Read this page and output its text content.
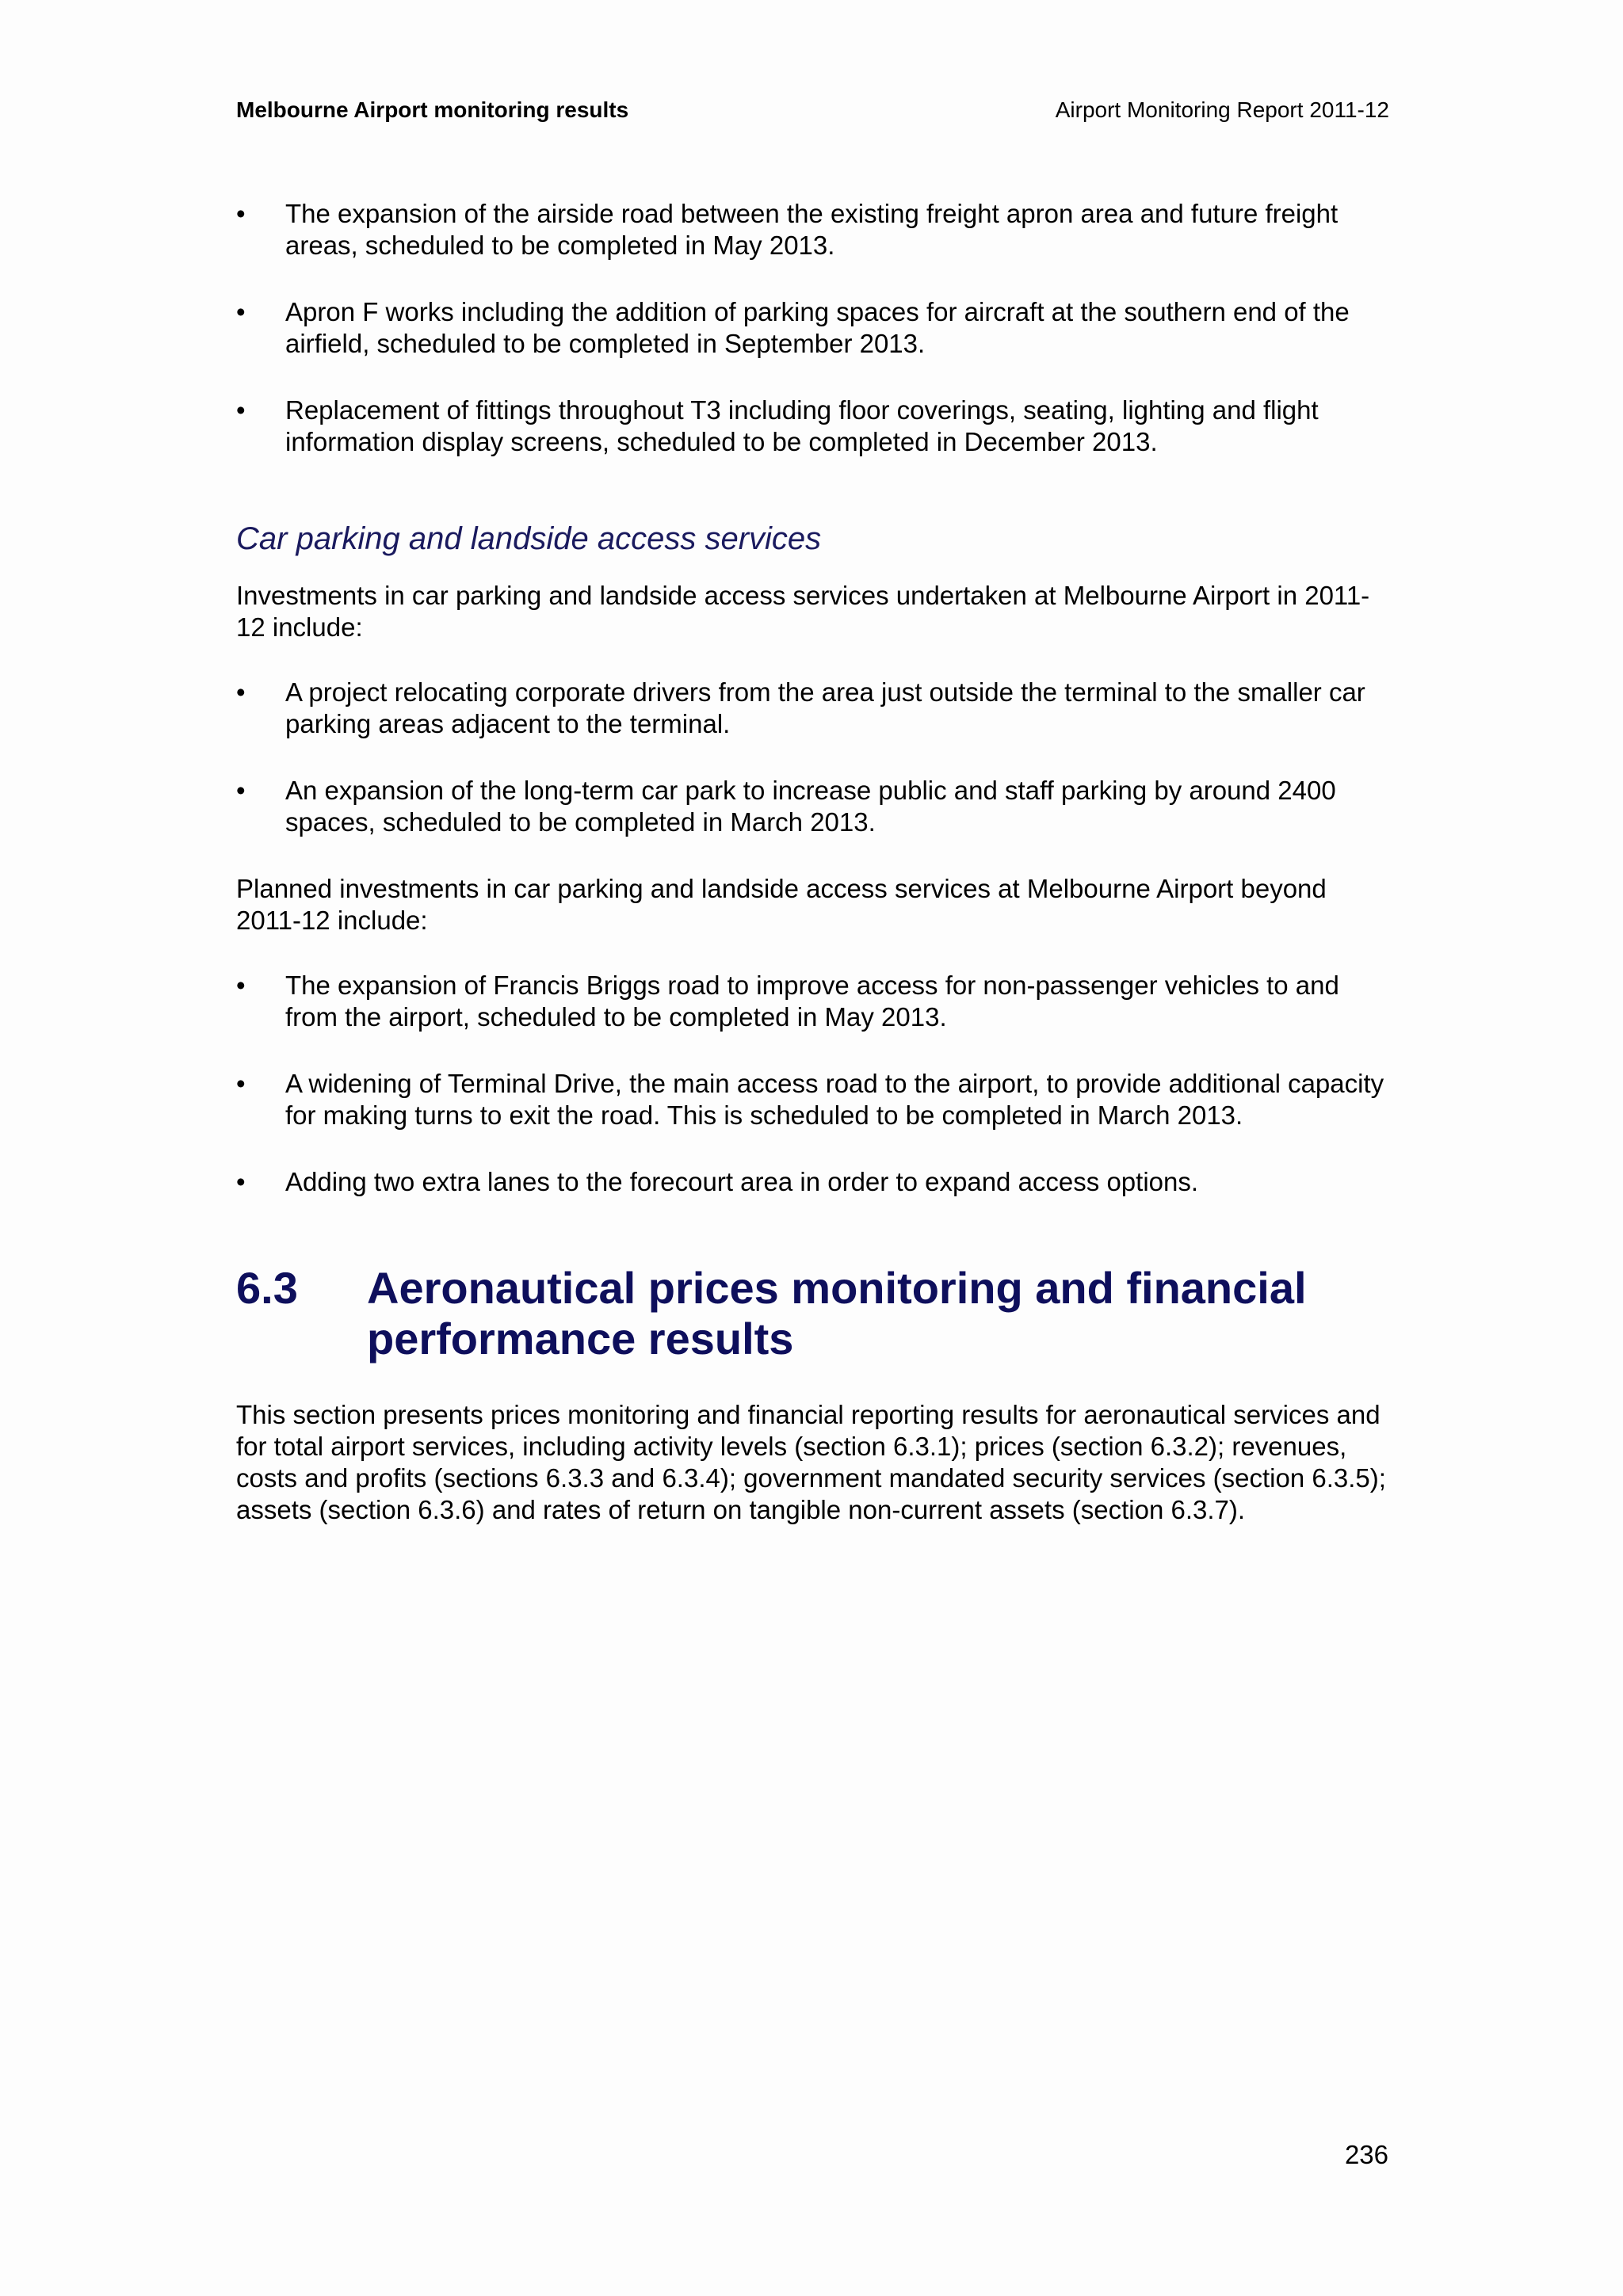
Melbourne Airport monitoring results	Airport Monitoring Report 2011-12
•	The expansion of the airside road between the existing freight apron area and future freight areas, scheduled to be completed in May 2013.
•	Apron F works including the addition of parking spaces for aircraft at the southern end of the airfield, scheduled to be completed in September 2013.
•	Replacement of fittings throughout T3 including floor coverings, seating, lighting and flight information display screens, scheduled to be completed in December 2013.
Car parking and landside access services

Investments in car parking and landside access services undertaken at Melbourne Airport in 2011-12 include:

•	A project relocating corporate drivers from the area just outside the terminal to the smaller car parking areas adjacent to the terminal.
•	An expansion of the long-term car park to increase public and staff parking by around 2400 spaces, scheduled to be completed in March 2013.

Planned investments in car parking and landside access services at Melbourne Airport beyond 2011-12 include:

•	The expansion of Francis Briggs road to improve access for non-passenger vehicles to and from the airport, scheduled to be completed in May 2013.
•	A widening of Terminal Drive, the main access road to the airport, to provide additional capacity for making turns to exit the road. This is scheduled to be completed in March 2013.
•	Adding two extra lanes to the forecourt area in order to expand access options.
6.3	Aeronautical prices monitoring and financial performance results

This section presents prices monitoring and financial reporting results for aeronautical services and for total airport services, including activity levels (section 6.3.1); prices (section 6.3.2); revenues, costs and profits (sections 6.3.3 and 6.3.4); government mandated security services (section 6.3.5); assets (section 6.3.6) and rates of return on tangible non-current assets (section 6.3.7).

236
